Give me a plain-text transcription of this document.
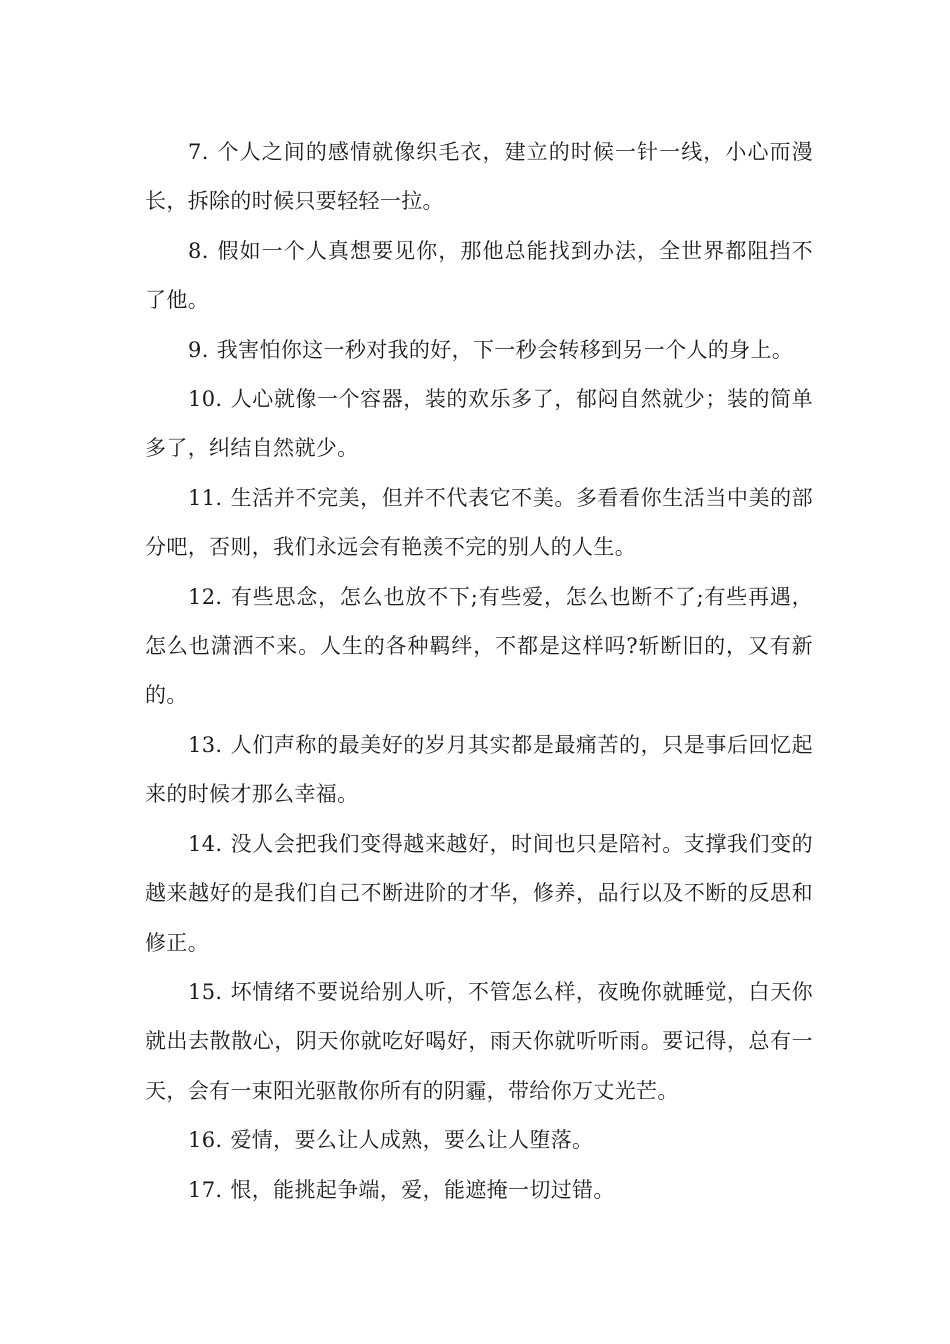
7. 个人之间的感情就像织毛衣，建立的时候一针一线，小心而漫长，拆除的时候只要轻轻一拉。

8. 假如一个人真想要见你，那他总能找到办法，全世界都阻挡不了他。

9. 我害怕你这一秒对我的好，下一秒会转移到另一个人的身上。

10. 人心就像一个容器，装的欢乐多了，郁闷自然就少；装的简单多了，纠结自然就少。

11. 生活并不完美，但并不代表它不美。多看看你生活当中美的部分吧，否则，我们永远会有艳羡不完的别人的人生。

12. 有些思念，怎么也放不下;有些爱，怎么也断不了;有些再遇，怎么也潇洒不来。人生的各种羁绊，不都是这样吗?斩断旧的，又有新的。

13. 人们声称的最美好的岁月其实都是最痛苦的，只是事后回忆起来的时候才那么幸福。

14. 没人会把我们变得越来越好，时间也只是陪衬。支撑我们变的越来越好的是我们自己不断进阶的才华，修养，品行以及不断的反思和修正。

15. 坏情绪不要说给别人听，不管怎么样，夜晚你就睡觉，白天你就出去散散心，阴天你就吃好喝好，雨天你就听听雨。要记得，总有一天，会有一束阳光驱散你所有的阴霾，带给你万丈光芒。

16. 爱情，要么让人成熟，要么让人堕落。

17. 恨，能挑起争端，爱，能遮掩一切过错。
